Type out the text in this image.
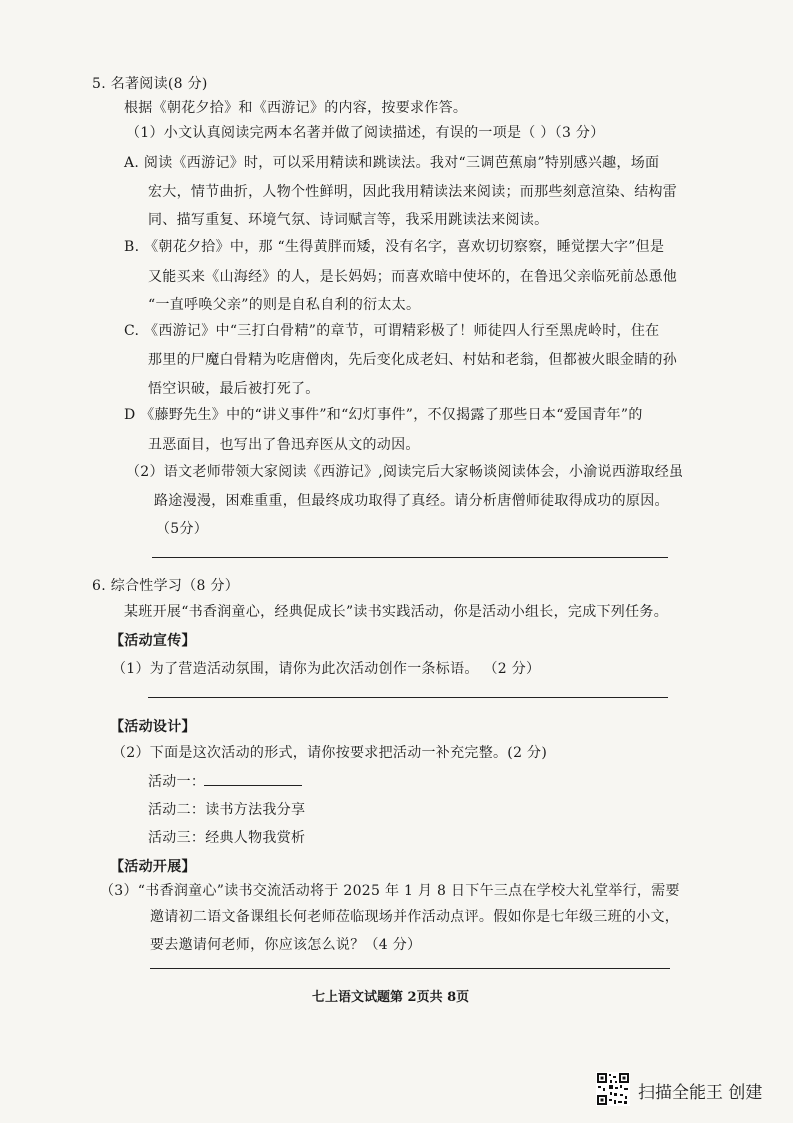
5. 名著阅读(8 分)
根据《朝花夕拾》和《西游记》的内容，按要求作答。
（1）小文认真阅读完两本名著并做了阅读描述，有误的一项是（ ）（3 分）
A. 阅读《西游记》时，可以采用精读和跳读法。我对“三调芭蕉扇”特别感兴趣，场面
宏大，情节曲折，人物个性鲜明，因此我用精读法来阅读；而那些刻意渲染、结构雷
同、描写重复、环境气氛、诗词赋言等，我采用跳读法来阅读。
B. 《朝花夕拾》中，那 “生得黄胖而矮，没有名字，喜欢切切察察，睡觉摆大字”但是
又能买来《山海经》的人，是长妈妈；而喜欢暗中使坏的，在鲁迅父亲临死前怂恿他
“一直呼唤父亲”的则是自私自利的衍太太。
C. 《西游记》中“三打白骨精”的章节，可谓精彩极了！师徒四人行至黑虎岭时，住在
那里的尸魔白骨精为吃唐僧肉，先后变化成老妇、村姑和老翁，但都被火眼金睛的孙
悟空识破，最后被打死了。
D 《藤野先生》中的“讲义事件”和“幻灯事件”，不仅揭露了那些日本“爱国青年”的
丑恶面目，也写出了鲁迅弃医从文的动因。
（2）语文老师带领大家阅读《西游记》,阅读完后大家畅谈阅读体会，小渝说西游取经虽
路途漫漫，困难重重，但最终成功取得了真经。请分析唐僧师徒取得成功的原因。
（5分）
6. 综合性学习（8 分）
某班开展“书香润童心，经典促成长”读书实践活动，你是活动小组长，完成下列任务。
【活动宣传】
（1）为了营造活动氛围，请你为此次活动创作一条标语。 （2 分）
【活动设计】
（2）下面是这次活动的形式，请你按要求把活动一补充完整。(2 分)
活动一：
活动二：读书方法我分享
活动三：经典人物我赏析
【活动开展】
（3）“书香润童心”读书交流活动将于 2025 年 1 月 8 日下午三点在学校大礼堂举行，需要
邀请初二语文备课组长何老师莅临现场并作活动点评。假如你是七年级三班的小文，
要去邀请何老师，你应该怎么说？（4 分）
七上语文试题第 2页共 8页
扫描全能王 创建
